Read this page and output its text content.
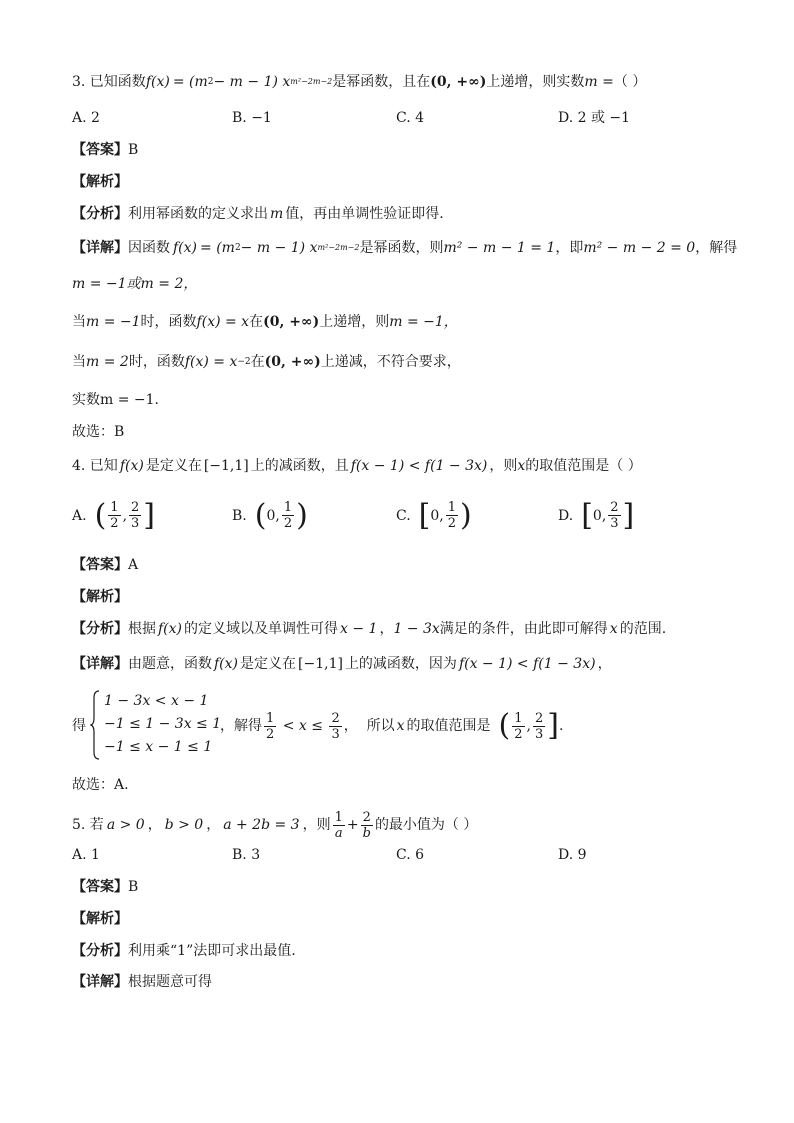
3. 已知函数 f(x) = (m 2 − m − 1) x m²−2m−2 是幂函数，且在 (0, +∞) 上递增，则实数 m = （ ）
A. 2	B. −1	C. 4	D. 2 或 −1
【答案】 B
【解析】
【分析】 利用幂函数的定义求出 m 值，再由单调性验证即得.
【详解】 因函数 f(x) = (m 2 − m − 1) x m²−2m−2 是幂函数，则 m² − m − 1 = 1 ，即 m² − m − 2 = 0 ，解得
m = −1或m = 2，
当 m = −1 时，函数 f(x) = x 在 (0, +∞) 上递增，则 m = −1，
当 m = 2 时，函数 f(x) = x −2 在 (0, +∞) 上递减，不符合要求，
实数m = −1.
故选：B
4. 已知 f(x) 是定义在 [−1,1] 上的减函数，且 f(x − 1) < f(1 − 3x) ，则 x 的取值范围是（ ）
A. ( $\frac{1}{2}$ , $\frac{2}{3}$ ]	B. ( 0, $\frac{1}{2}$ )	C. [ 0, $\frac{1}{2}$ )	D. [ 0, $\frac{2}{3}$ ]
【答案】 A
【解析】
【分析】 根据 f(x) 的定义域以及单调性可得 x − 1 ， 1 − 3x 满足的条件，由此即可解得 x 的范围.
【详解】 由题意，函数 f(x) 是定义在 [−1,1] 上的减函数，因为 f(x − 1) < f(1 − 3x) ，
得
1 − 3x < x − 1
−1 ≤ 1 − 3x ≤ 1
−1 ≤ x − 1 ≤ 1
，解得 $\frac{1}{2} < x \le \frac{2}{3}$ ，  所以 x 的取值范围是 ( $\frac{1}{2}$ , $\frac{2}{3}$ ] .
故选：A.
5. 若 a > 0 ， b > 0 ， a + 2b = 3 ，则 $\frac{1}{a} + \frac{2}{b}$ 的最小值为（ ）
A. 1	B. 3	C. 6	D. 9
【答案】 B
【解析】
【分析】 利用乘“1”法即可求出最值.
【详解】 根据题意可得
